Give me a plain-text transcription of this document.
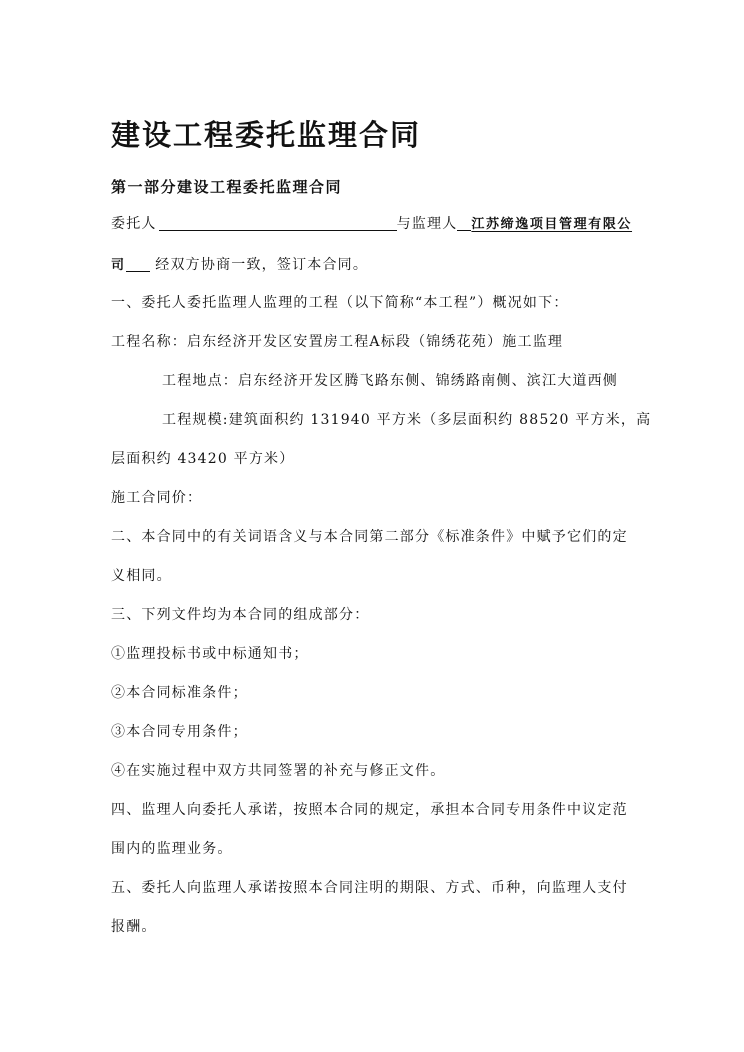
建设工程委托监理合同
第一部分建设工程委托监理合同
委托人	与监理人 江苏缔逸项目管理有限公
司 经双方协商一致，签订本合同。
一、委托人委托监理人监理的工程（以下简称“本工程”）概况如下：
工程名称：启东经济开发区安置房工程A标段（锦绣花苑）施工监理
工程地点：启东经济开发区腾飞路东侧、锦绣路南侧、滨江大道西侧
工程规模:建筑面积约 131940 平方米（多层面积约 88520 平方米，高
层面积约 43420 平方米）
施工合同价：
二、本合同中的有关词语含义与本合同第二部分《标准条件》中赋予它们的定
义相同。
三、下列文件均为本合同的组成部分：
①监理投标书或中标通知书；
②本合同标准条件；
③本合同专用条件；
④在实施过程中双方共同签署的补充与修正文件。
四、监理人向委托人承诺，按照本合同的规定，承担本合同专用条件中议定范
围内的监理业务。
五、委托人向监理人承诺按照本合同注明的期限、方式、币种，向监理人支付
报酬。
